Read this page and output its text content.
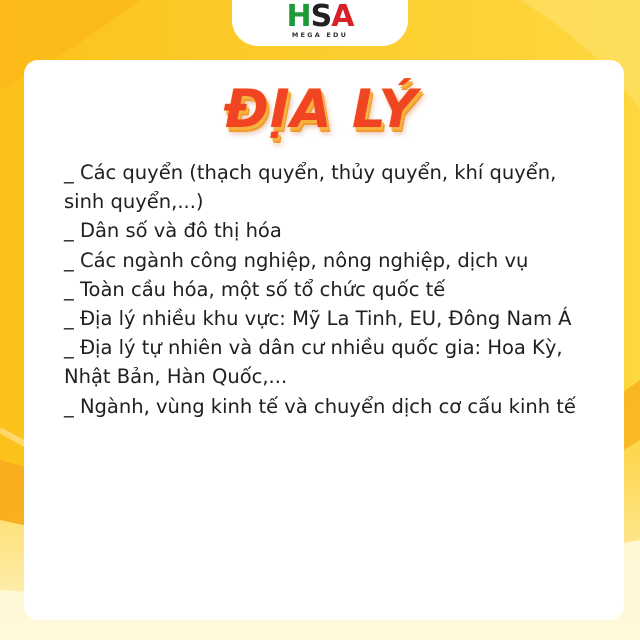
HSA
MEGA EDU
ĐỊA LÝ
_ Các quyển (thạch quyển, thủy quyển, khí quyển,
sinh quyển,...)
_ Dân số và đô thị hóa
_ Các ngành công nghiệp, nông nghiệp, dịch vụ
_ Toàn cầu hóa, một số tổ chức quốc tế
_ Địa lý nhiều khu vực: Mỹ La Tinh, EU, Đông Nam Á
_ Địa lý tự nhiên và dân cư nhiều quốc gia: Hoa Kỳ,
Nhật Bản, Hàn Quốc,...
_ Ngành, vùng kinh tế và chuyển dịch cơ cấu kinh tế
